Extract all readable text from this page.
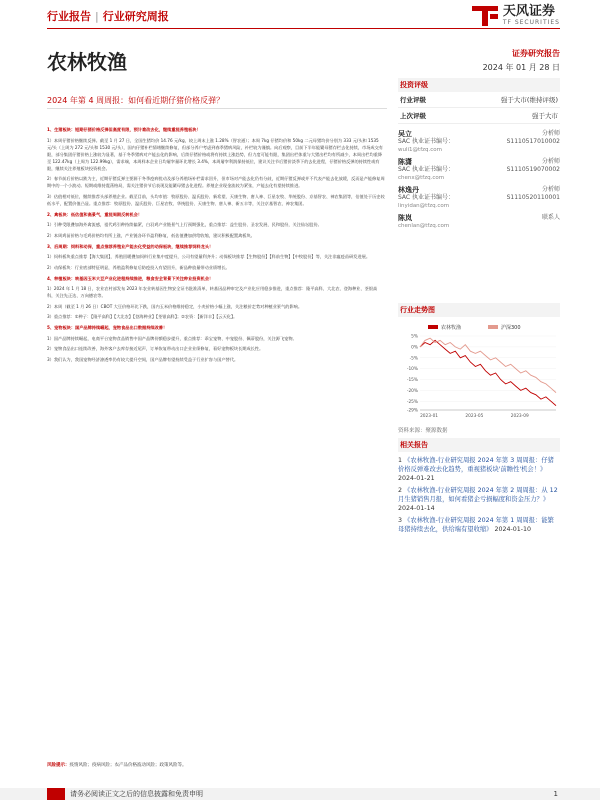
行业报告 | 行业研究周报	天风证券
TF SECURITIES
农林牧渔	证券研究报告
2024 年 01 月 28 日
2024 年第 4 周周报：如何看近期仔猪价格反弹？

1、生猪板块：短期仔猪价格反弹但高度有限，预计难改去化，继续重视养殖板块！

1）本周仔猪价格继续反弹。截至 1 月 27 日，全国生猪均价 14.76 元/kg，较上周末上涨 1.28%（智农通）；本周 7kg 仔猪均价和 50kg 二元母猪均价分别为 333 元/头和 1535 元/头（上周为 272 元/头和 1530 元/头），国内仔猪补栏情绪继续修复，但部分养户考虑到春季猪病风险，补栏较为谨慎。向后观察，目前下半年能繁母猪存栏去化持续，市场成交有限，部分集团仔猪价格上涨较为显著，基于冬季猪病对产能去化的影响，后续仔猪价格或将有持续上涨趋势，但力度可能有限，集团出栏体重与大猪出栏均有所减少，本周出栏均重降至 122.47kg（上周为 122.99kg），需求端，本周样本企业日均屠宰量环比增长 3.4%，本周屠宰利润保持低位，建议关注节后猪价淡季下的去化进程，仔猪价格反弹的持续性或有限，继续关注养殖板块投资机会。

2）春节前后价格以跌为主，近期仔猪反弹主要源于冬季疫病扰动及部分养殖场补栏需求回升，但市场对产能去化仍有分歧，近期仔猪反弹或并不代表产能去化放缓，反而是产能修复周期中的一个小波动。短期或维持震荡格局，需关注猪价节后表现及能繁母猪去化进程。养殖企业现金流较为紧张，产能去化有望持续推进。

3）估值相对低位，继续推荐头部养殖企业。截至目前，头均市值：牧原股份、温氏股份、新希望、天康生物、唐人神、巨星农牧、华统股份、京基智农、神农集团等，估值处于历史较低水平，配置价值凸显。重点推荐：牧原股份、温氏股份、巨星农牧、华统股份、天康生物、唐人神、新五丰等，关注京基智农、神农集团。

2、禽板块：低估值和高景气，重视周期反转机会！

1）引种受限叠加海外禽流感，祖代鸡引种持续偏紧，白羽鸡产业链景气上行预期强化，重点推荐：益生股份、圣农发展、民和股份，关注仙坛股份。

2）本周鸡苗价格与毛鸡价格均有所上涨，产业链各环节盈利修复，低估值叠加供给收缩，建议积极配置禽板块。

3、后周期：饲料和动保，重点推荐养殖业产能去化受益的动保板块，继续推荐饲料龙头！

1）饲料板块重点推荐【海大集团】，养殖回暖叠加饲料行业集中度提升，公司有望量利齐升；动保板块推荐【生物股份】【科前生物】【中牧股份】等，关注非瘟疫苗研发进展。

2）动保板块：行业底部特征明显，养殖盈利修复后防疫投入有望回升，新品种放量带动业绩增长。

4、种植板块：转基因玉米大豆产业化进程持续推进，粮食安全背景下关注种业投资机会！

1）2024 年 1 月 18 日，农业农村部发布 2023 年农业转基因生物安全证书批准清单，转基因品种审定及产业化应用稳步推进，重点推荐：隆平高科、大北农、登海种业、荃银高科，关注先正达、万向德农等。

2）本周（截至 1 月 26 日）CBOT 大豆价格环比下跌，国内玉米价格维持稳定，小麦价格小幅上涨，关注粮价走势对种植业景气的影响。

3）重点推荐：①种子：【隆平高科】【大北农】【登海种业】【荃银高科】；②农资：【新洋丰】【云天化】。

5、宠物板块：国产品牌持续崛起，宠物食品出口数据持续改善！

1）国产品牌持续崛起，电商平台宠物食品销售中国产品牌份额稳步提升，重点推荐：乖宝宠物、中宠股份、佩蒂股份，关注源飞宠物。

2）宠物食品出口连续改善，海外客户去库存接近尾声，订单恢复带动出口企业业绩修复，看好宠物板块长期成长性。

3）我们认为，我国宠物经济渗透率仍有较大提升空间，国产品牌有望持续受益于行业扩容与国产替代。

投资评级
行业评级	强于大市(维持评级)
上次评级	强于大市
吴立	分析师
SAC 执业证书编号：	S1110517010002
wuli1@tfzq.com
陈潇	分析师
SAC 执业证书编号：	S1110519070002
chenx@tfzq.com
林逸丹	分析师
SAC 执业证书编号：	S1110520110001
linyidan@tfzq.com
陈岚	联系人
chenlan@tfzq.com
行业走势图
农林牧渔	沪深300
5%
0%
-5%
-10%
-15%
-20%
-25%
-29%
2023-01	2023-05	2023-09
资料来源：聚源数据
相关报告
1 《农林牧渔-行业研究周报 2024 年第 3 周周报：仔猪价格反弹难改去化趋势，重视猪板块'前瞻性'机会！》 2024-01-21
2 《农林牧渔-行业研究周报 2024 年第 2 周周报：从 12 月生猪销售月报，如何看猪企亏损幅度和资金压力？》 2024-01-14
3 《农林牧渔-行业研究周报 2024 年第 1 周周报：能繁母猪持续去化，供给端有望收缩》 2024-01-10
风险提示：疫情风险；疫病风险；农产品价格波动风险；政策风险等。
请务必阅读正文之后的信息披露和免责申明	1
